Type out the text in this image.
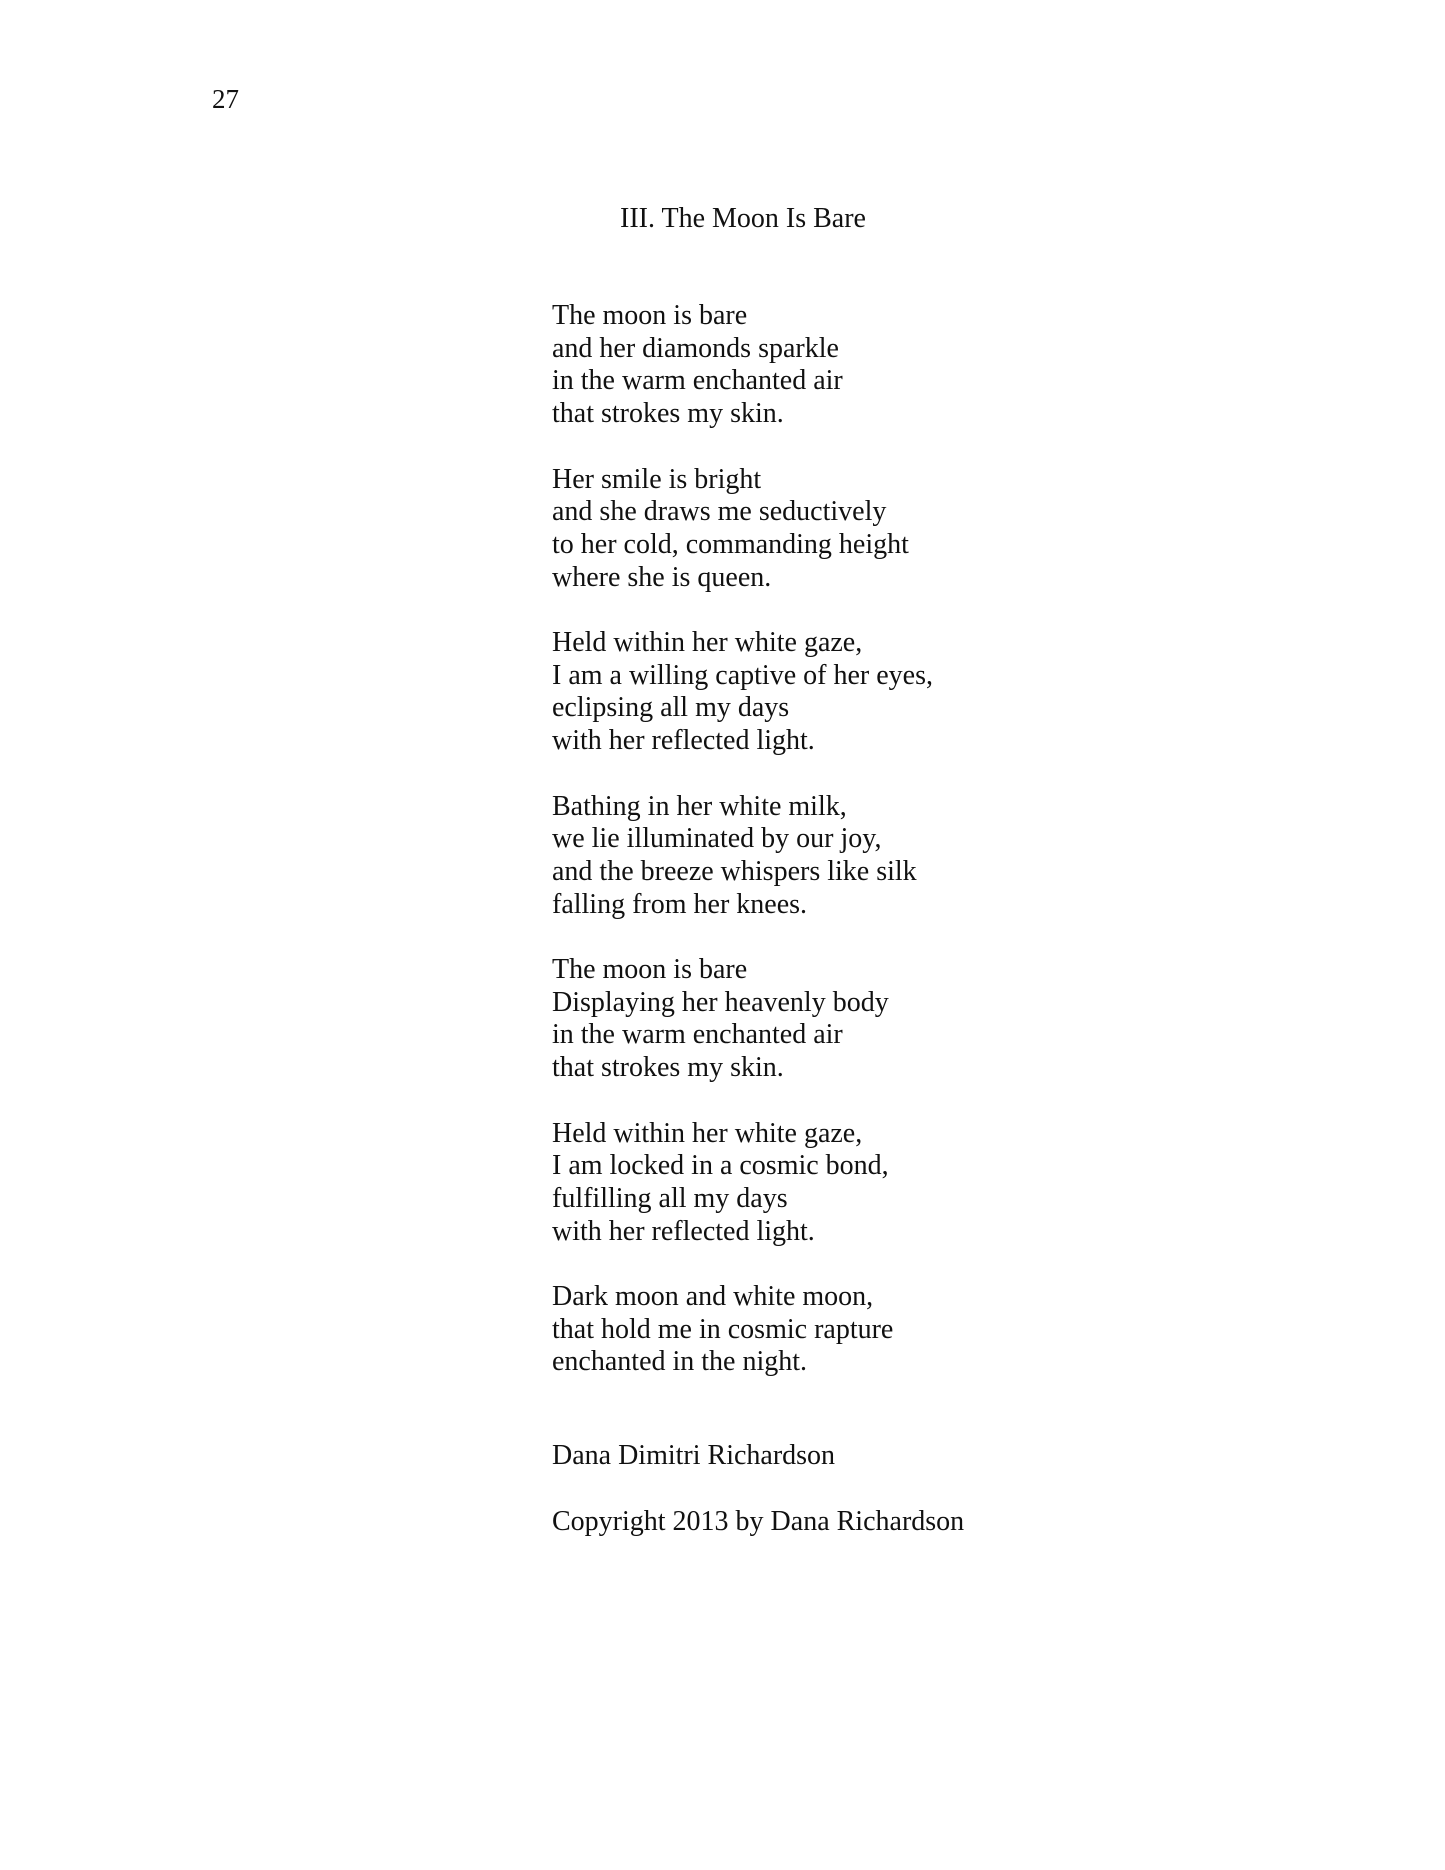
27
III. The Moon Is Bare
The moon is bare
and her diamonds sparkle
in the warm enchanted air
that strokes my skin.
Her smile is bright
and she draws me seductively
to her cold, commanding height
where she is queen.
Held within her white gaze,
I am a willing captive of her eyes,
eclipsing all my days
with her reflected light.
Bathing in her white milk,
we lie illuminated by our joy,
and the breeze whispers like silk
falling from her knees.
The moon is bare
Displaying her heavenly body
in the warm enchanted air
that strokes my skin.
Held within her white gaze,
I am locked in a cosmic bond,
fulfilling all my days
with her reflected light.
Dark moon and white moon,
that hold me in cosmic rapture
enchanted in the night.
Dana Dimitri Richardson
Copyright 2013 by Dana Richardson
